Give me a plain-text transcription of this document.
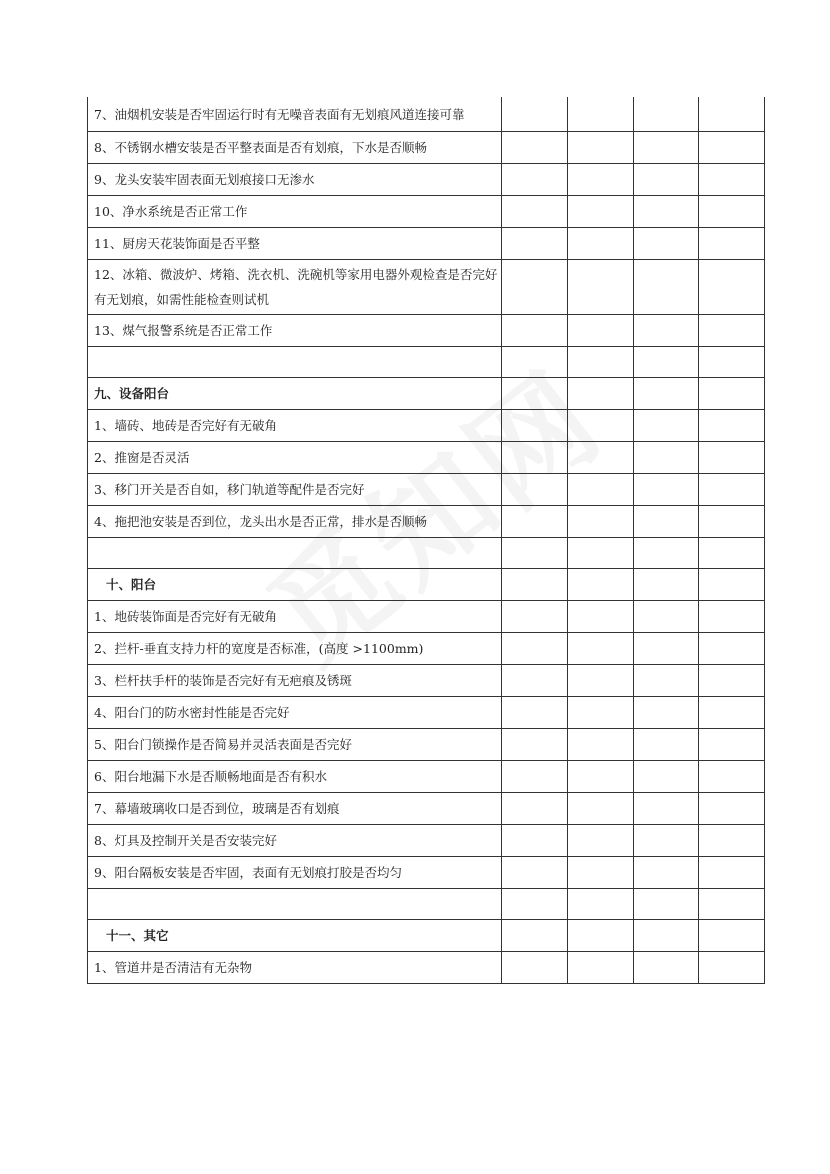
7、油烟机安装是否牢固运行时有无噪音表面有无划痕风道连接可靠				
8、不锈钢水槽安装是否平整表面是否有划痕，下水是否顺畅				
9、龙头安装牢固表面无划痕接口无渗水				
10、净水系统是否正常工作				
11、厨房天花装饰面是否平整				
12、冰箱、微波炉、烤箱、洗衣机、洗碗机等家用电器外观检查是否完好 有无划痕，如需性能检查则试机				
13、煤气报警系统是否正常工作				

九、设备阳台				
1、墙砖、地砖是否完好有无破角				
2、推窗是否灵活				
3、移门开关是否自如，移门轨道等配件是否完好				
4、拖把池安装是否到位，龙头出水是否正常，排水是否顺畅				

十、阳台				
1、地砖装饰面是否完好有无破角				
2、拦杆-垂直支持力杆的宽度是否标准，(高度 >1100mm)				
3、栏杆扶手杆的装饰是否完好有无疤痕及锈斑				
4、阳台门的防水密封性能是否完好				
5、阳台门锁操作是否简易并灵活表面是否完好				
6、阳台地漏下水是否顺畅地面是否有积水				
7、幕墙玻璃收口是否到位，玻璃是否有划痕				
8、灯具及控制开关是否安装完好				
9、阳台隔板安装是否牢固，表面有无划痕打胶是否均匀				

十一、其它				
1、管道井是否清洁有无杂物				
